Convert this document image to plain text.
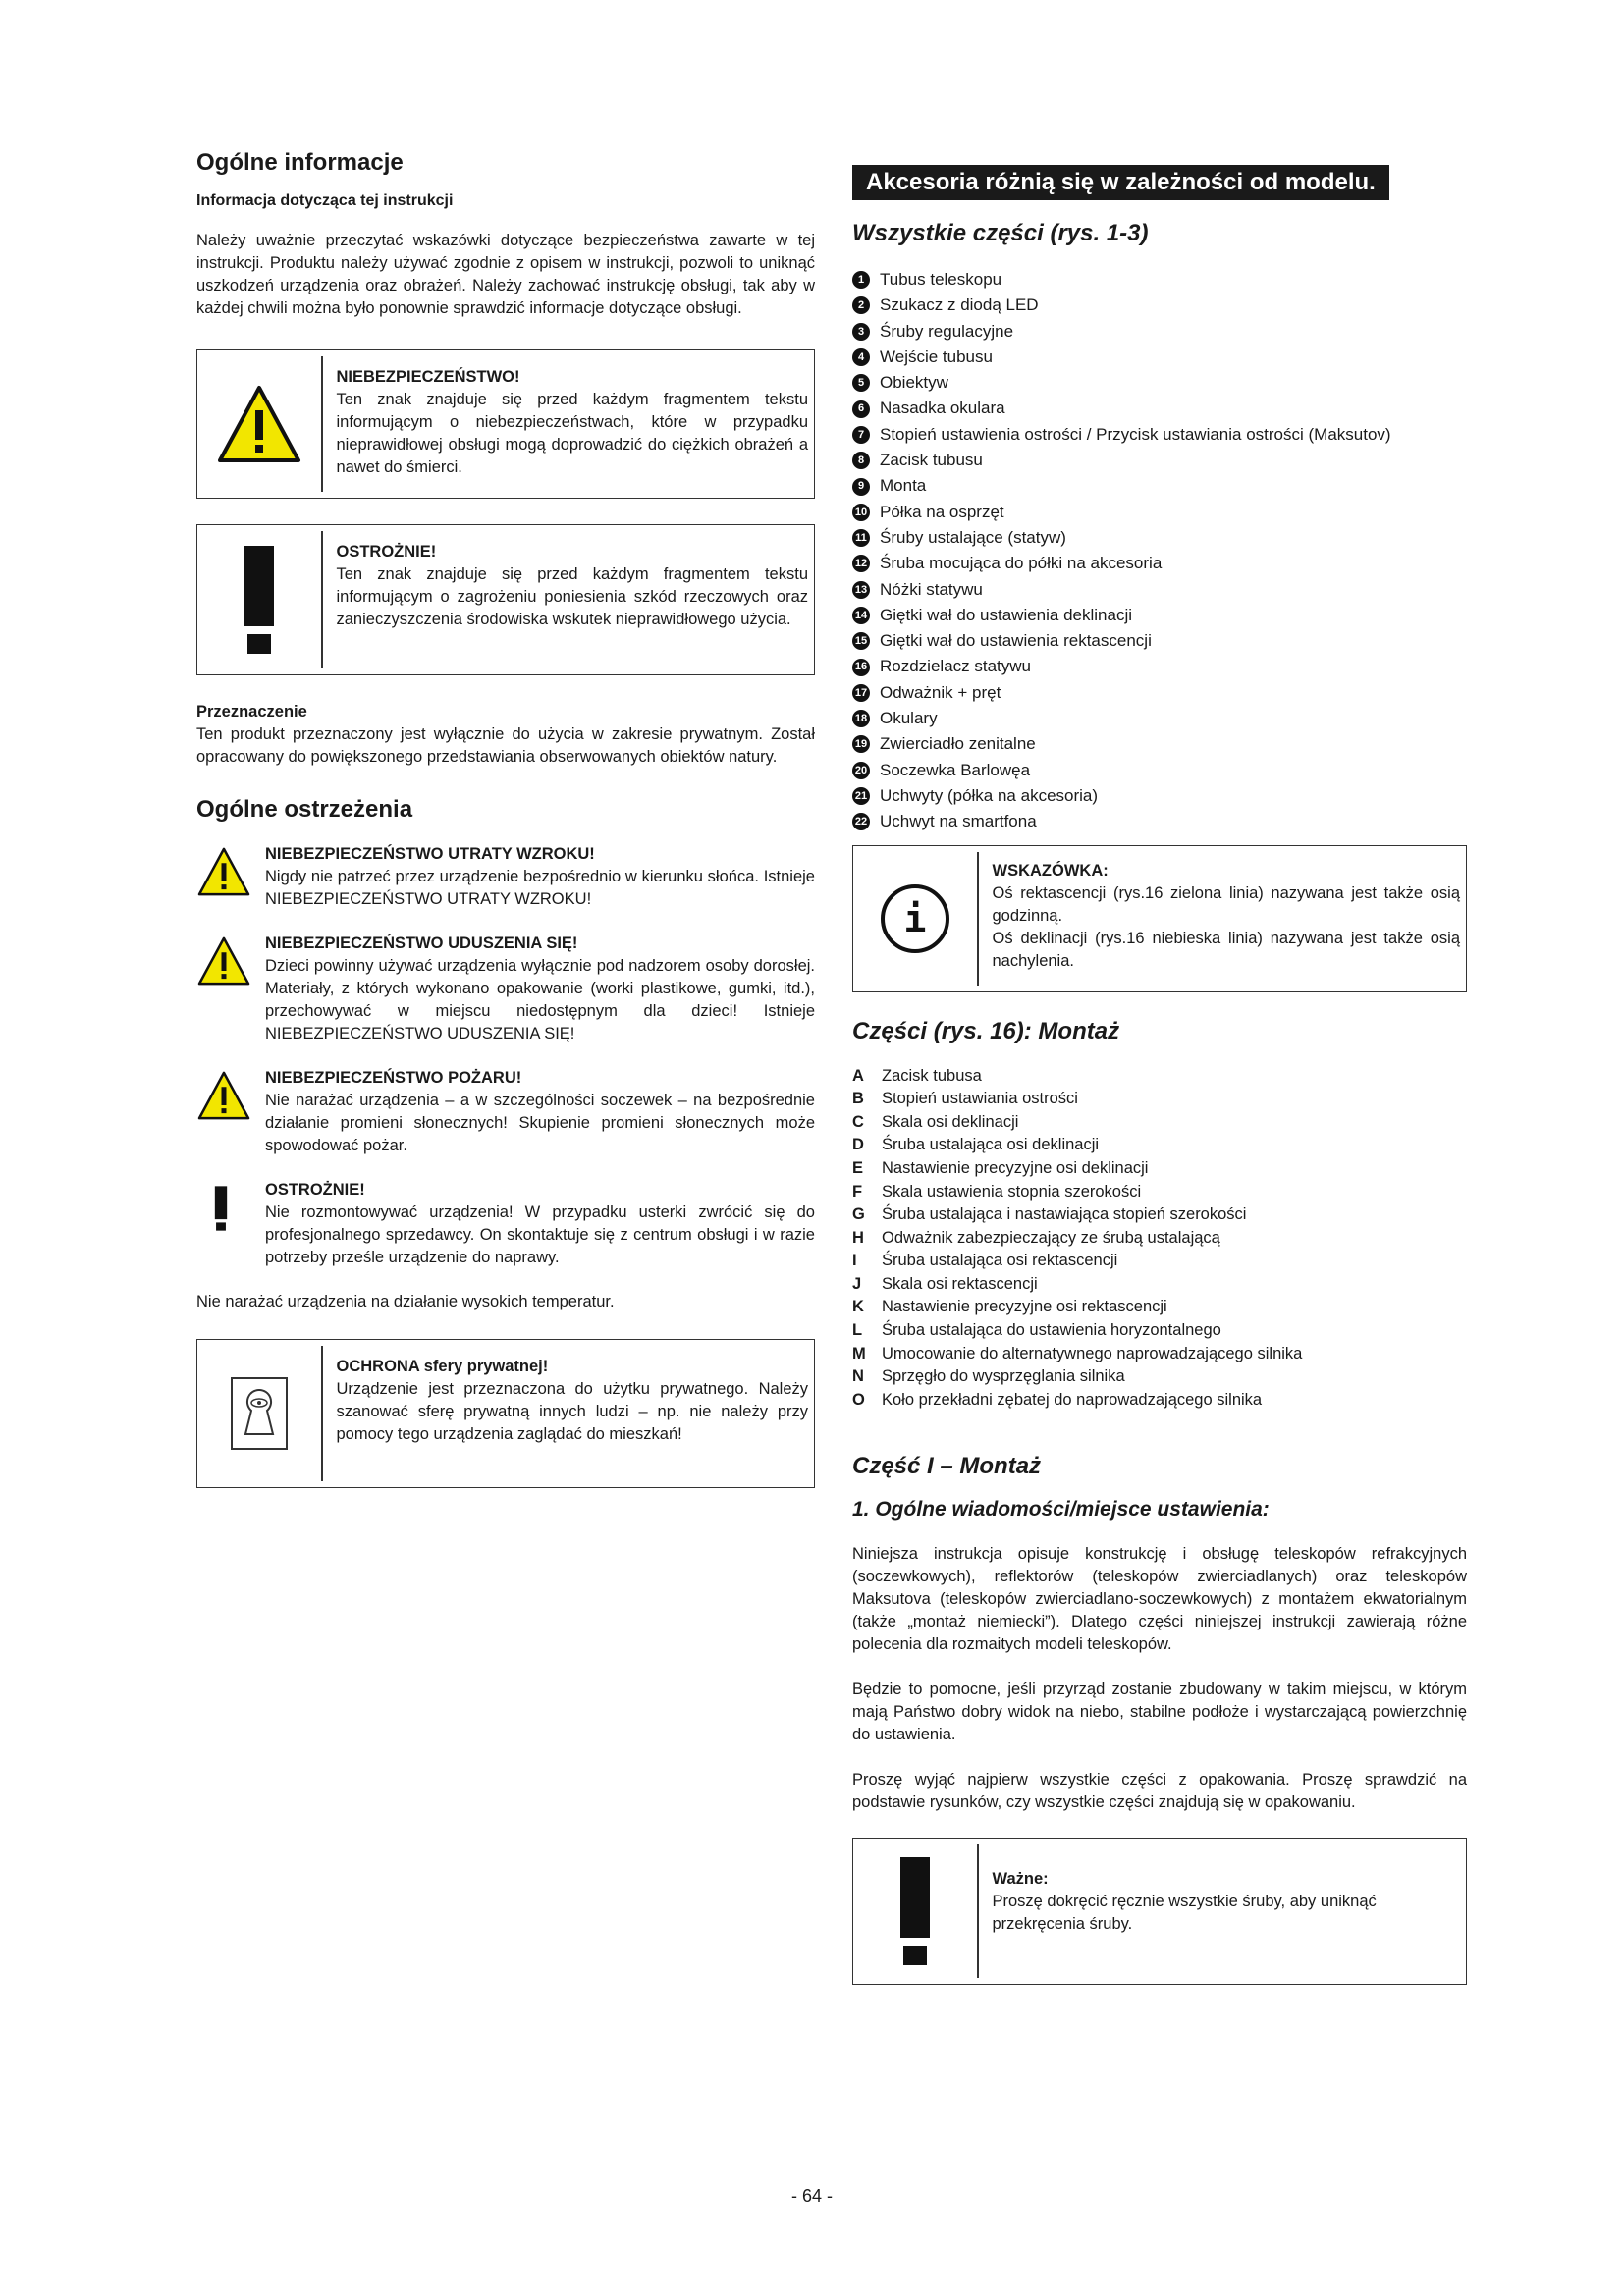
Ogólne informacje
Informacja dotycząca tej instrukcji

Należy uważnie przeczytać wskazówki dotyczące bezpieczeństwa zawarte w tej instrukcji. Produktu należy używać zgodnie z opisem w instrukcji, pozwoli to uniknąć uszkodzeń urządzenia oraz obrażeń. Należy zachować instrukcję obsługi, tak aby w każdej chwili można było ponownie sprawdzić informacje dotyczące obsługi.

NIEBEZPIECZEŃSTWO!

Ten znak znajduje się przed każdym fragmentem tekstu informującym o niebezpieczeństwach, które w przypadku nieprawidłowej obsługi mogą doprowadzić do ciężkich obrażeń a nawet do śmierci.

OSTROŻNIE!

Ten znak znajduje się przed każdym fragmentem tekstu informującym o zagrożeniu poniesienia szkód rzeczowych oraz zanieczyszczenia środowiska wskutek nieprawidłowego użycia.

Przeznaczenie

Ten produkt przeznaczony jest wyłącznie do użycia w zakresie prywatnym. Został opracowany do powiększonego przedstawiania obserwowanych obiektów natury.

Ogólne ostrzeżenia
NIEBEZPIECZEŃSTWO UTRATY WZROKU!

Nigdy nie patrzeć przez urządzenie bezpośrednio w kierunku słońca. Istnieje NIEBEZPIECZEŃSTWO UTRATY WZROKU!

NIEBEZPIECZEŃSTWO UDUSZENIA SIĘ!

Dzieci powinny używać urządzenia wyłącznie pod nadzorem osoby dorosłej. Materiały, z których wykonano opakowanie (worki plastikowe, gumki, itd.), przechowywać w miejscu niedostępnym dla dzieci! Istnieje NIEBEZPIECZEŃSTWO UDUSZENIA SIĘ!

NIEBEZPIECZEŃSTWO POŻARU!

Nie narażać urządzenia – a w szczególności soczewek – na bezpośrednie działanie promieni słonecznych! Skupienie promieni słonecznych może spowodować pożar.

OSTROŻNIE!

Nie rozmontowywać urządzenia! W przypadku usterki zwrócić się do profesjonalnego sprzedawcy. On skontaktuje się z centrum obsługi i w razie potrzeby prześle urządzenie do naprawy.

Nie narażać urządzenia na działanie wysokich temperatur.

OCHRONA sfery prywatnej!

Urządzenie jest przeznaczona do użytku prywatnego. Należy szanować sferę prywatną innych ludzi – np. nie należy przy pomocy tego urządzenia zaglądać do mieszkań!

Akcesoria różnią się w zależności od modelu.
Wszystkie części (rys. 1-3)
1 Tubus teleskopu
2 Szukacz z diodą LED
3 Śruby regulacyjne
4 Wejście tubusu
5 Obiektyw
6 Nasadka okulara
7 Stopień ustawienia ostrości / Przycisk ustawiania ostrości (Maksutov)
8 Zacisk tubusu
9 Monta
10 Półka na osprzęt
11 Śruby ustalające (statyw)
12 Śruba mocująca do półki na akcesoria
13 Nóżki statywu
14 Giętki wał do ustawienia deklinacji
15 Giętki wał do ustawienia rektascencji
16 Rozdzielacz statywu
17 Odważnik + pręt
18 Okulary
19 Zwierciadło zenitalne
20 Soczewka Barlowęa
21 Uchwyty (półka na akcesoria)
22 Uchwyt na smartfona
i
WSKAZÓWKA:

Oś rektascencji (rys.16 zielona linia) nazywana jest także osią godzinną.

Oś deklinacji (rys.16 niebieska linia) nazywana jest także osią nachylenia.

Części (rys. 16): Montaż
A	Zacisk tubusa
B	Stopień ustawiania ostrości
C	Skala osi deklinacji
D	Śruba ustalająca osi deklinacji
E	Nastawienie precyzyjne osi deklinacji
F	Skala ustawienia stopnia szerokości
G	Śruba ustalająca i nastawiająca stopień szerokości
H	Odważnik zabezpieczający ze śrubą ustalającą
I	Śruba ustalająca osi rektascencji
J	Skala osi rektascencji
K	Nastawienie precyzyjne osi rektascencji
L	Śruba ustalająca do ustawienia horyzontalnego
M Umocowanie do alternatywnego naprowadzającego silnika
N	Sprzęgło do wysprzęglania silnika
O	Koło przekładni zębatej do naprowadzającego silnika
Część I – Montaż
1. Ogólne wiadomości/miejsce ustawienia:

Niniejsza instrukcja opisuje konstrukcję i obsługę teleskopów refrakcyjnych (soczewkowych), reflektorów (teleskopów zwierciadlanych) oraz teleskopów Maksutova (teleskopów zwierciadlano-soczewkowych) z montażem ekwatorialnym (także „montaż niemiecki”). Dlatego części niniejszej instrukcji zawierają różne polecenia dla rozmaitych modeli teleskopów.

Będzie to pomocne, jeśli przyrząd zostanie zbudowany w takim miejscu, w którym mają Państwo dobry widok na niebo, stabilne podłoże i wystarczającą powierzchnię do ustawienia.

Proszę wyjąć najpierw wszystkie części z opakowania. Proszę sprawdzić na podstawie rysunków, czy wszystkie części znajdują się w opakowaniu.

Ważne:

Proszę dokręcić ręcznie wszystkie śruby, aby uniknąć przekręcenia śruby.

- 64 -
